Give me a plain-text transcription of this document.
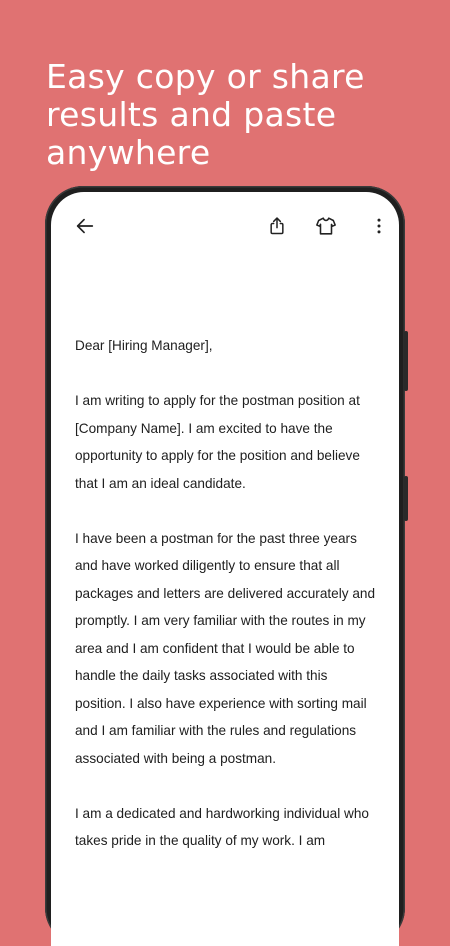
Easy copy or share
results and paste
anywhere

Dear [Hiring Manager],

I am writing to apply for the postman position at [Company Name]. I am excited to have the opportunity to apply for the position and believe that I am an ideal candidate.

I have been a postman for the past three years and have worked diligently to ensure that all packages and letters are delivered accurately and promptly. I am very familiar with the routes in my area and I am confident that I would be able to handle the daily tasks associated with this position. I also have experience with sorting mail and I am familiar with the rules and regulations associated with being a postman.

I am a dedicated and hardworking individual who takes pride in the quality of my work. I am
